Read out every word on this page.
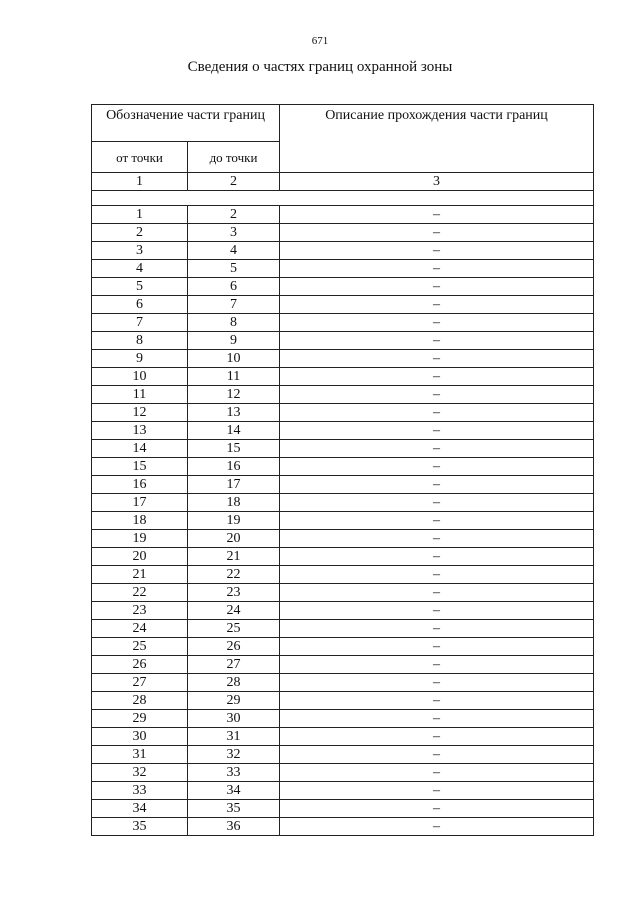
671
Сведения о частях границ охранной зоны
Обозначение части границ		Описание прохождения части границ
от точки	до точки	
1	2	3

1	2	–
2	3	–
3	4	–
4	5	–
5	6	–
6	7	–
7	8	–
8	9	–
9	10	–
10	11	–
11	12	–
12	13	–
13	14	–
14	15	–
15	16	–
16	17	–
17	18	–
18	19	–
19	20	–
20	21	–
21	22	–
22	23	–
23	24	–
24	25	–
25	26	–
26	27	–
27	28	–
28	29	–
29	30	–
30	31	–
31	32	–
32	33	–
33	34	–
34	35	–
35	36	–
